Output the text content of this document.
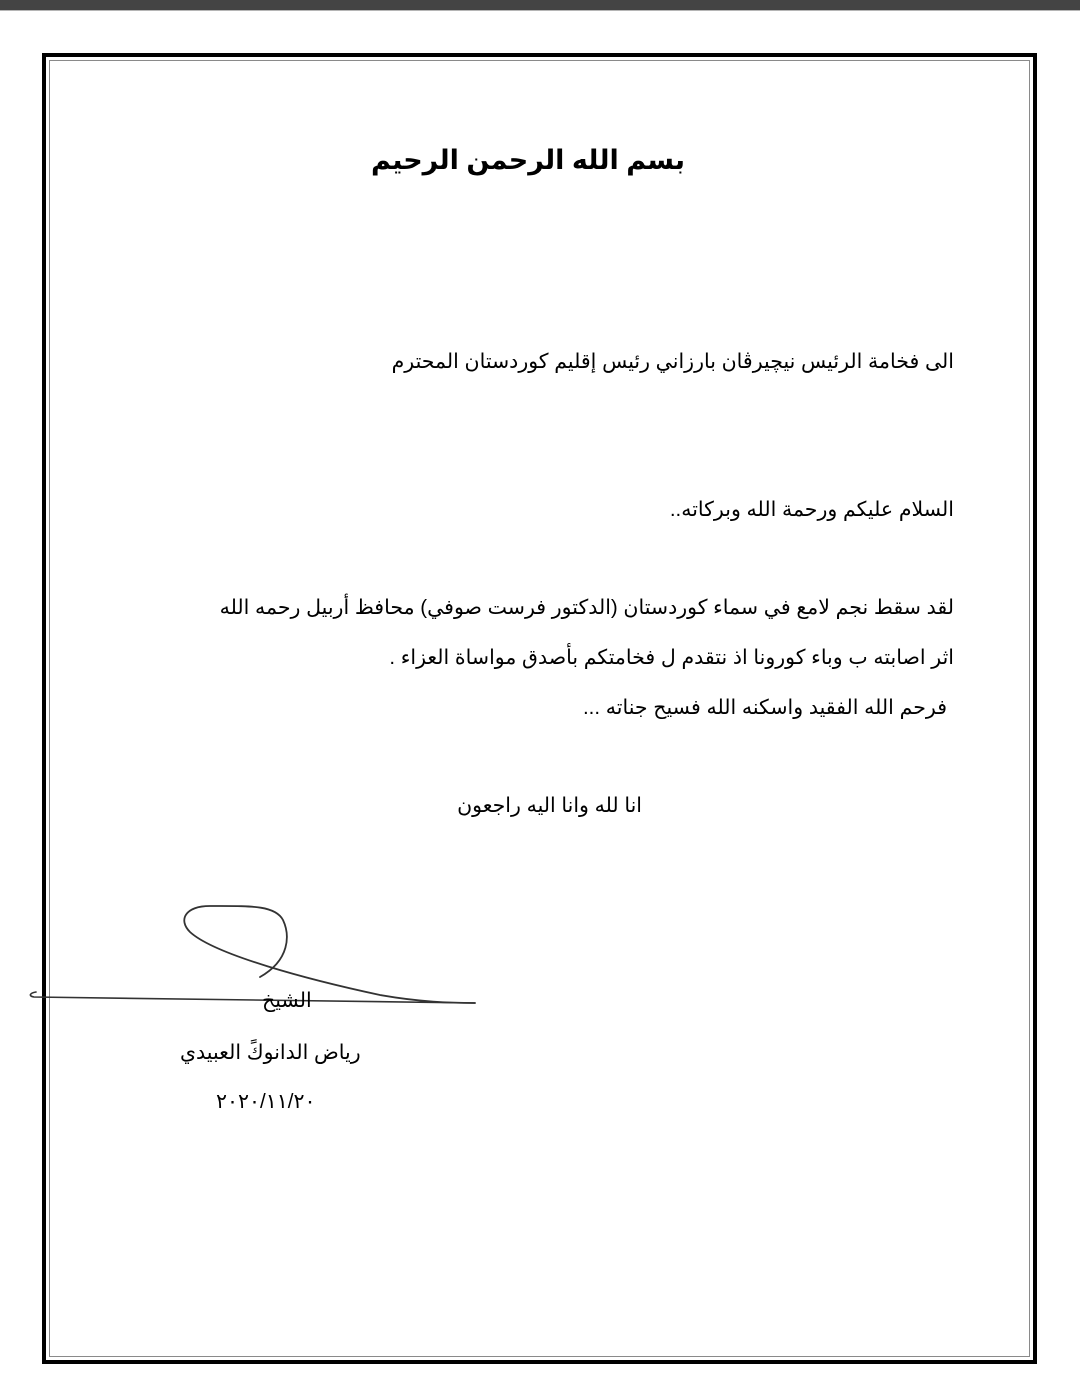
بسم الله الرحمن الرحيم
الى فخامة الرئيس نيچيرڤان بارزاني رئيس إقليم كوردستان المحترم
السلام عليكم ورحمة الله وبركاته..
لقد سقط نجم لامع في سماء كوردستان (الدكتور فرست صوفي) محافظ أربيل رحمه الله
اثر اصابته ب وباء كورونا اذ نتقدم ل فخامتكم بأصدق مواساة العزاء .
فرحم الله الفقيد واسكنه الله فسيح جناته ...
انا لله وانا اليه راجعون
الشيخ
رياض الدانوكً العبيدي
٢٠٢٠/١١/٢٠
